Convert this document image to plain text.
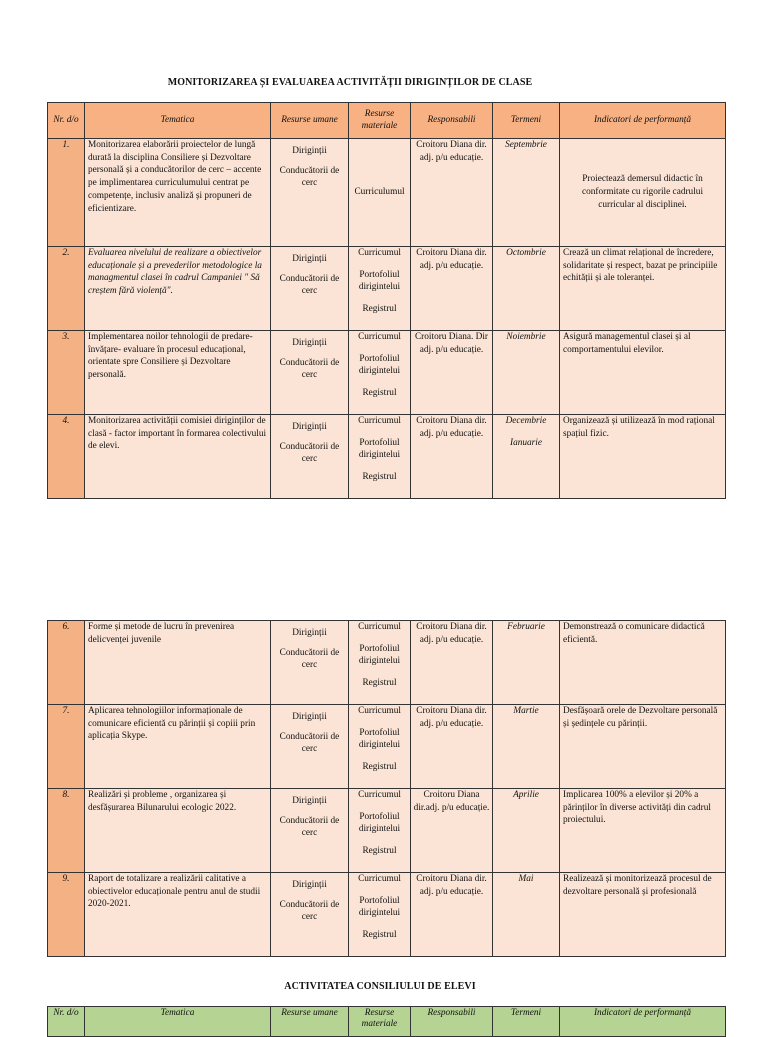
MONITORIZAREA ȘI EVALUAREA ACTIVITĂȚII DIRIGINȚILOR DE CLASE
Nr. d/o	Tematica	Resurse umane	Resurse materiale	Responsabili	Termeni	Indicatori de performanță
1.	Monitorizarea elaborării proiectelor de lungă durată la disciplina Consiliere și Dezvoltare personală și a conducătorilor de cerc – accente pe implimentarea curriculumului centrat pe competențe, inclusiv analiză și propuneri de eficientizare.	Diriginții
Conducătorii de cerc	Curriculumul	Croitoru Diana dir. adj. p/u educație.	Septembrie	Proiectează demersul didactic în conformitate cu rigorile cadrului curricular al disciplinei.
2.	Evaluarea nivelului de realizare a obiectivelor educaționale și a prevederilor metodologice la managmentul clasei în cadrul Campaniei " Să creștem fără violență".	Diriginții
Conducătorii de cerc	Curricumul
Portofoliul dirigintelui
Registrul	Croitoru Diana dir. adj. p/u educație.	Octombrie	Crează un climat relațional de încredere, solidaritate și respect, bazat pe principiile echității și ale toleranței.
3.	Implementarea noilor tehnologii de predare-învățare- evaluare în procesul educațional, orientate spre Consiliere și Dezvoltare personală.	Diriginții
Conducătorii de cerc	Curricumul
Portofoliul dirigintelui
Registrul	Croitoru Diana. Dir adj. p/u educație.	Noiembrie	Asigură managementul clasei și al comportamentului elevilor.
4.	Monitorizarea activității comisiei diriginților de clasă - factor important în formarea colectivului de elevi.	Diriginții
Conducătorii de cerc	Curricumul
Portofoliul dirigintelui
Registrul	Croitoru Diana dir. adj. p/u educație.	Decembrie
Ianuarie	Organizează și utilizează în mod rațional spațiul fizic.
6.	Forme și metode de lucru în prevenirea delicvenței juvenile	Diriginții
Conducătorii de cerc	Curricumul
Portofoliul dirigintelui
Registrul	Croitoru Diana dir. adj. p/u educație.	Februarie	Demonstrează o comunicare didactică eficientă.
7.	Aplicarea tehnologiilor informaționale de comunicare eficientă cu părinții și copiii prin aplicația Skype.	Diriginții
Conducătorii de cerc	Curricumul
Portofoliul dirigintelui
Registrul	Croitoru Diana dir. adj. p/u educație.	Martie	Desfășoară orele de Dezvoltare personală și ședințele cu părinții.
8.	Realizări și probleme , organizarea și desfășurarea Bilunarului ecologic 2022.	Diriginții
Conducătorii de cerc	Curricumul
Portofoliul dirigintelui
Registrul	Croitoru Diana dir.adj. p/u educație.	Aprilie	Implicarea 100% a elevilor și 20% a părinților în diverse activități din cadrul proiectului.
9.	Raport de totalizare a realizării calitative a obiectivelor educaționale pentru anul de studii 2020-2021.	Diriginții
Conducătorii de cerc	Curricumul
Portofoliul dirigintelui
Registrul	Croitoru Diana dir. adj. p/u educație.	Mai	Realizează și monitorizează procesul de dezvoltare personală și profesională
ACTIVITATEA CONSILIULUI DE ELEVI
Nr. d/o	Tematica	Resurse umane	Resurse materiale	Responsabili	Termeni	Indicatori de performanță
